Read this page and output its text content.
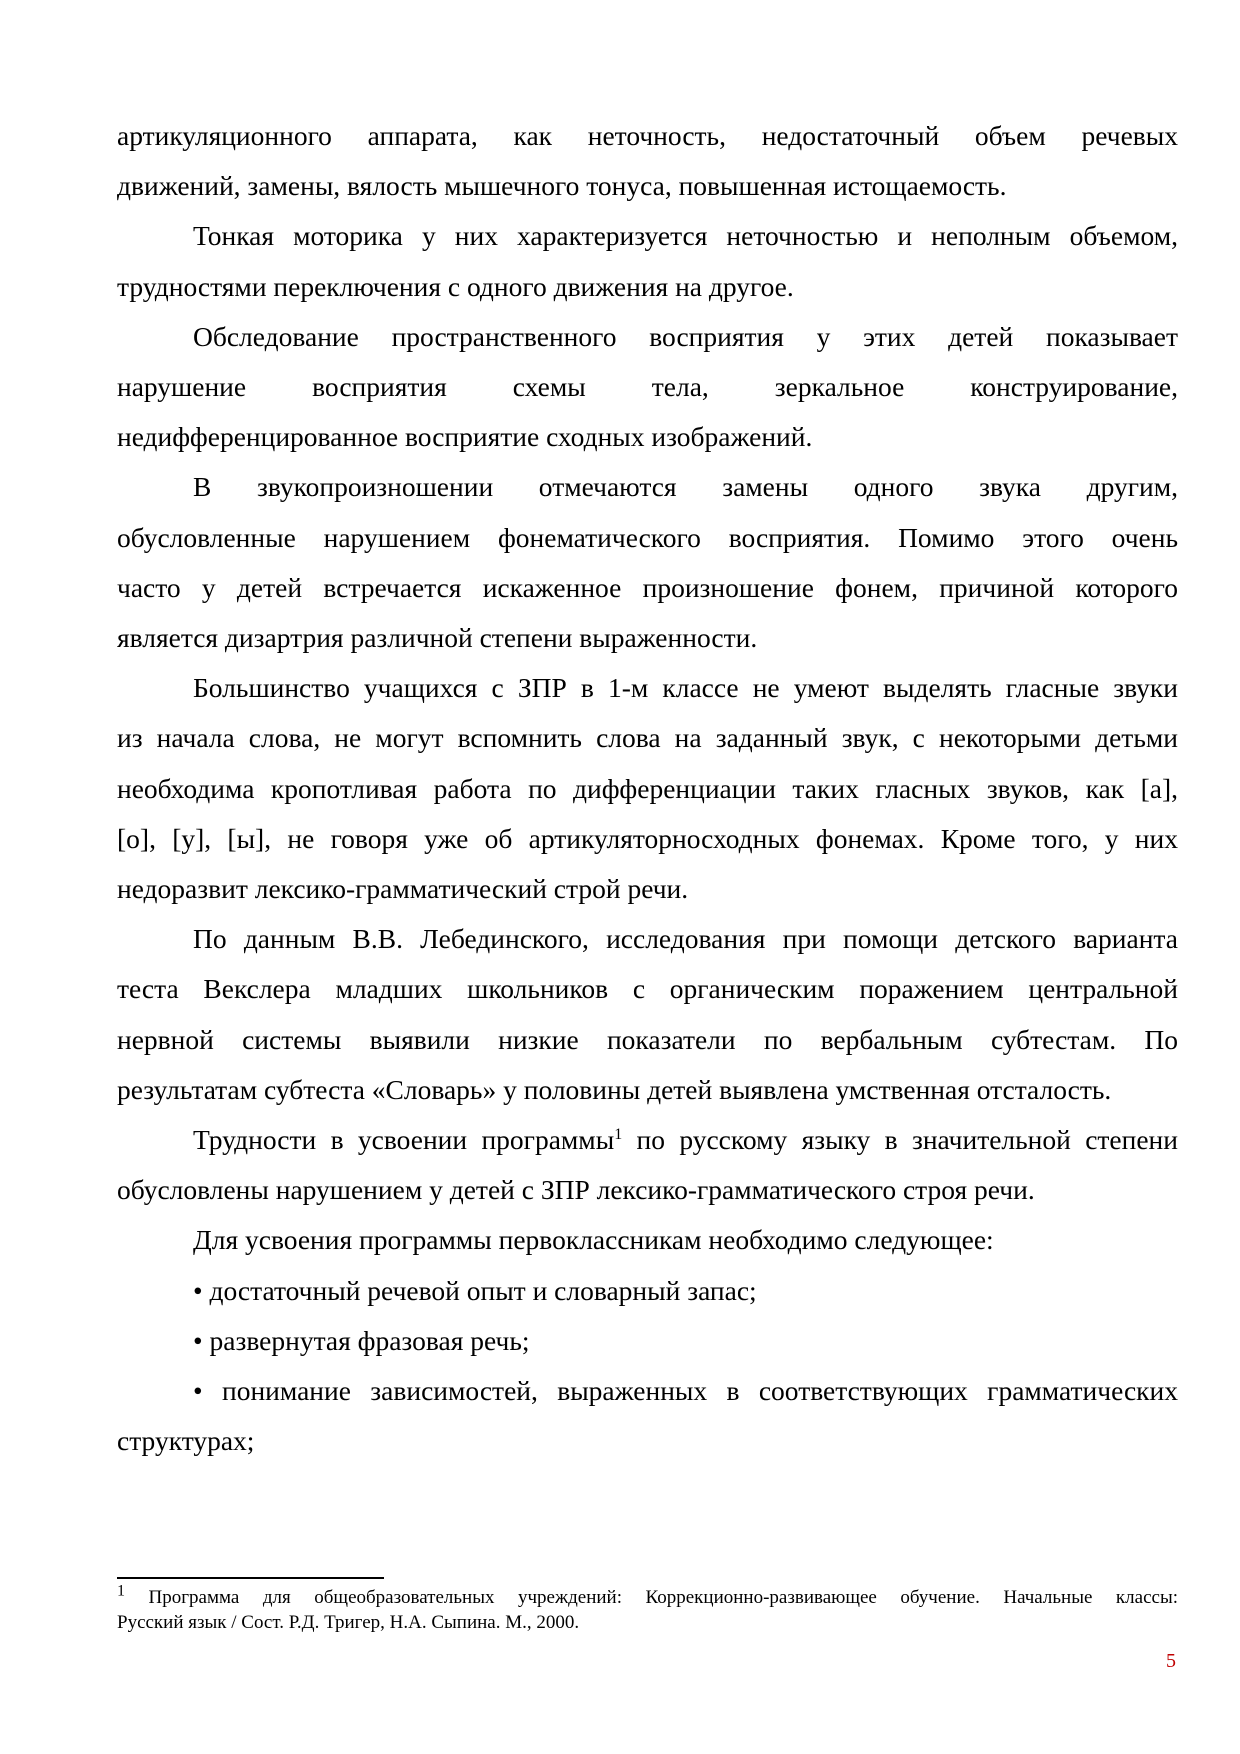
артикуляционного аппарата, как неточность, недостаточный объем речевых
движений, замены, вялость мышечного тонуса, повышенная истощаемость.
Тонкая моторика у них характеризуется неточностью и неполным объемом,
трудностями переключения с одного движения на другое.
Обследование пространственного восприятия у этих детей показывает
нарушение восприятия схемы тела, зеркальное конструирование,
недифференцированное восприятие сходных изображений.
В звукопроизношении отмечаются замены одного звука другим,
обусловленные нарушением фонематического восприятия. Помимо этого очень
часто у детей встречается искаженное произношение фонем, причиной которого
является дизартрия различной степени выраженности.
Большинство учащихся с ЗПР в 1-м классе не умеют выделять гласные звуки
из начала слова, не могут вспомнить слова на заданный звук, с некоторыми детьми
необходима кропотливая работа по дифференциации таких гласных звуков, как [а],
[о], [у], [ы], не говоря уже об артикуляторносходных фонемах. Кроме того, у них
недоразвит лексико-грамматический строй речи.
По данным В.В. Лебединского, исследования при помощи детского варианта
теста Векслера младших школьников с органическим поражением центральной
нервной системы выявили низкие показатели по вербальным субтестам. По
результатам субтеста «Словарь» у половины детей выявлена умственная отсталость.
Трудности в усвоении программы$^1$ по русскому языку в значительной степени
обусловлены нарушением у детей с ЗПР лексико-грамматического строя речи.
Для усвоения программы первоклассникам необходимо следующее:
• достаточный речевой опыт и словарный запас;
• развернутая фразовая речь;
• понимание зависимостей, выраженных в соответствующих грамматических
структурах;
$^1$ Программа для общеобразовательных учреждений: Коррекционно-развивающее обучение. Начальные классы:
Русский язык / Сост. Р.Д. Тригер, Н.А. Сыпина. М., 2000.
5
